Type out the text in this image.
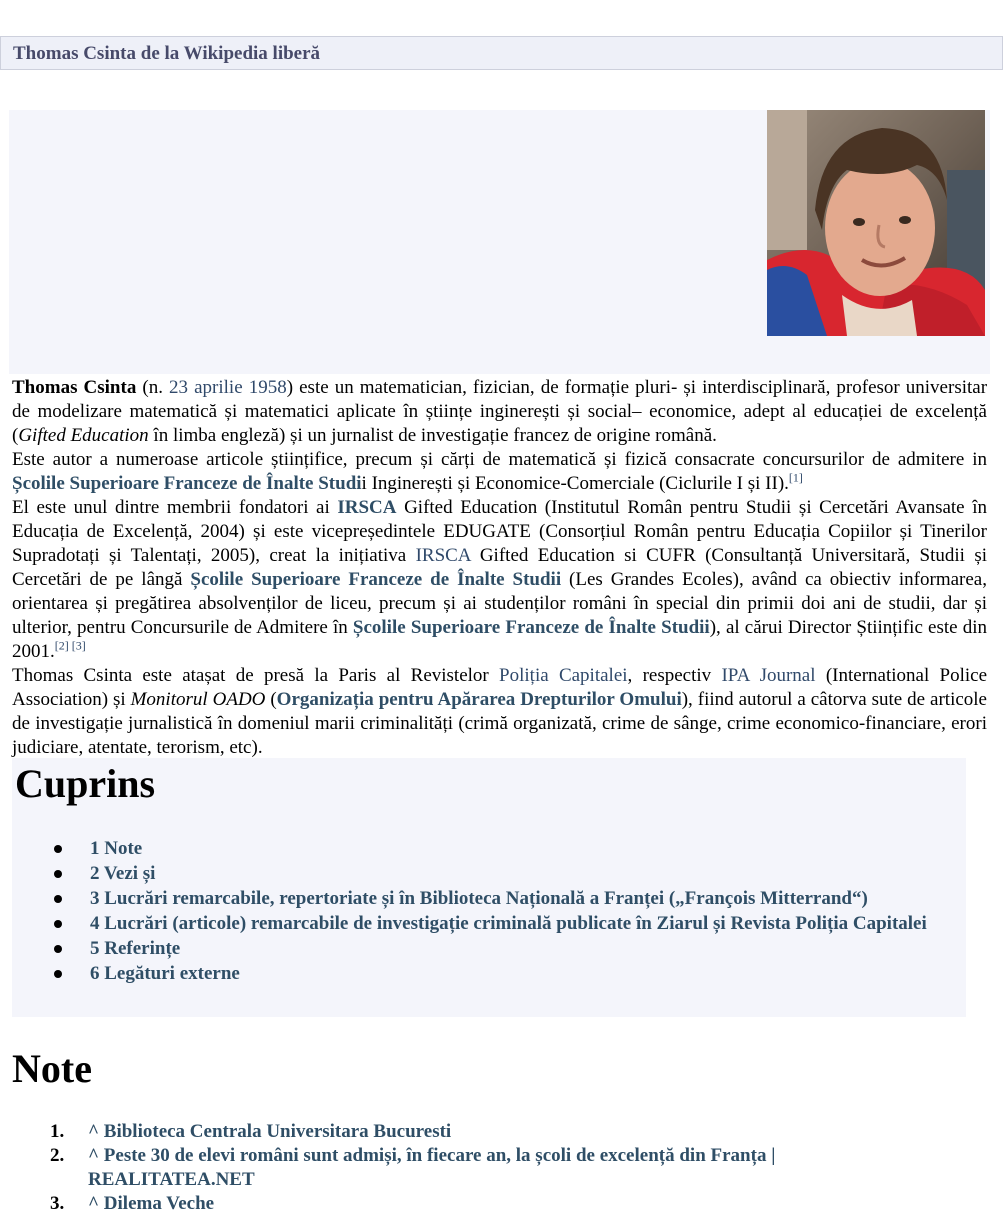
Thomas Csinta de la Wikipedia liberă

Thomas Csinta (n. 23 aprilie 1958) este un matematician, fizician, de formație pluri- și interdisciplinară, profesor universitar de modelizare matematică și matematici aplicate în științe inginerești și social– economice, adept al educației de excelență (Gifted Education în limba engleză) și un jurnalist de investigație francez de origine română.

Este autor a numeroase articole științifice, precum și cărți de matematică și fizică consacrate concursurilor de admitere in Școlile Superioare Franceze de Înalte Studii Inginerești și Economice-Comerciale (Ciclurile I și II).[1]

El este unul dintre membrii fondatori ai IRSCA Gifted Education (Institutul Român pentru Studii și Cercetări Avansate în Educația de Excelență, 2004) și este vicepreședintele EDUGATE (Consorțiul Român pentru Educația Copiilor și Tinerilor Supradotați și Talentați, 2005), creat la inițiativa IRSCA Gifted Education si CUFR (Consultanță Universitară, Studii și Cercetări de pe lângă Școlile Superioare Franceze de Înalte Studii (Les Grandes Ecoles), având ca obiectiv informarea, orientarea și pregătirea absolvenților de liceu, precum și ai studenților români în special din primii doi ani de studii, dar și ulterior, pentru Concursurile de Admitere în Școlile Superioare Franceze de Înalte Studii), al cărui Director Științific este din 2001.[2] [3]

Thomas Csinta este atașat de presă la Paris al Revistelor Poliția Capitalei, respectiv IPA Journal (International Police Association) și Monitorul OADO (Organizația pentru Apărarea Drepturilor Omului), fiind autorul a câtorva sute de articole de investigație jurnalistică în domeniul marii criminalități (crimă organizată, crime de sânge, crime economico-financiare, erori judiciare, atentate, terorism, etc).

Cuprins
1 Note
2 Vezi și
3 Lucrări remarcabile, repertoriate și în Biblioteca Națională a Franței („François Mitterrand“)
4 Lucrări (articole) remarcabile de investigație criminală publicate în Ziarul și Revista Poliția Capitalei
5 Referințe
6 Legături externe
Note
1. ^ Biblioteca Centrala Universitara Bucuresti
2. ^ Peste 30 de elevi români sunt admiși, în fiecare an, la școli de excelență din Franța | REALITATEA.NET
3. ^ Dilema Veche
